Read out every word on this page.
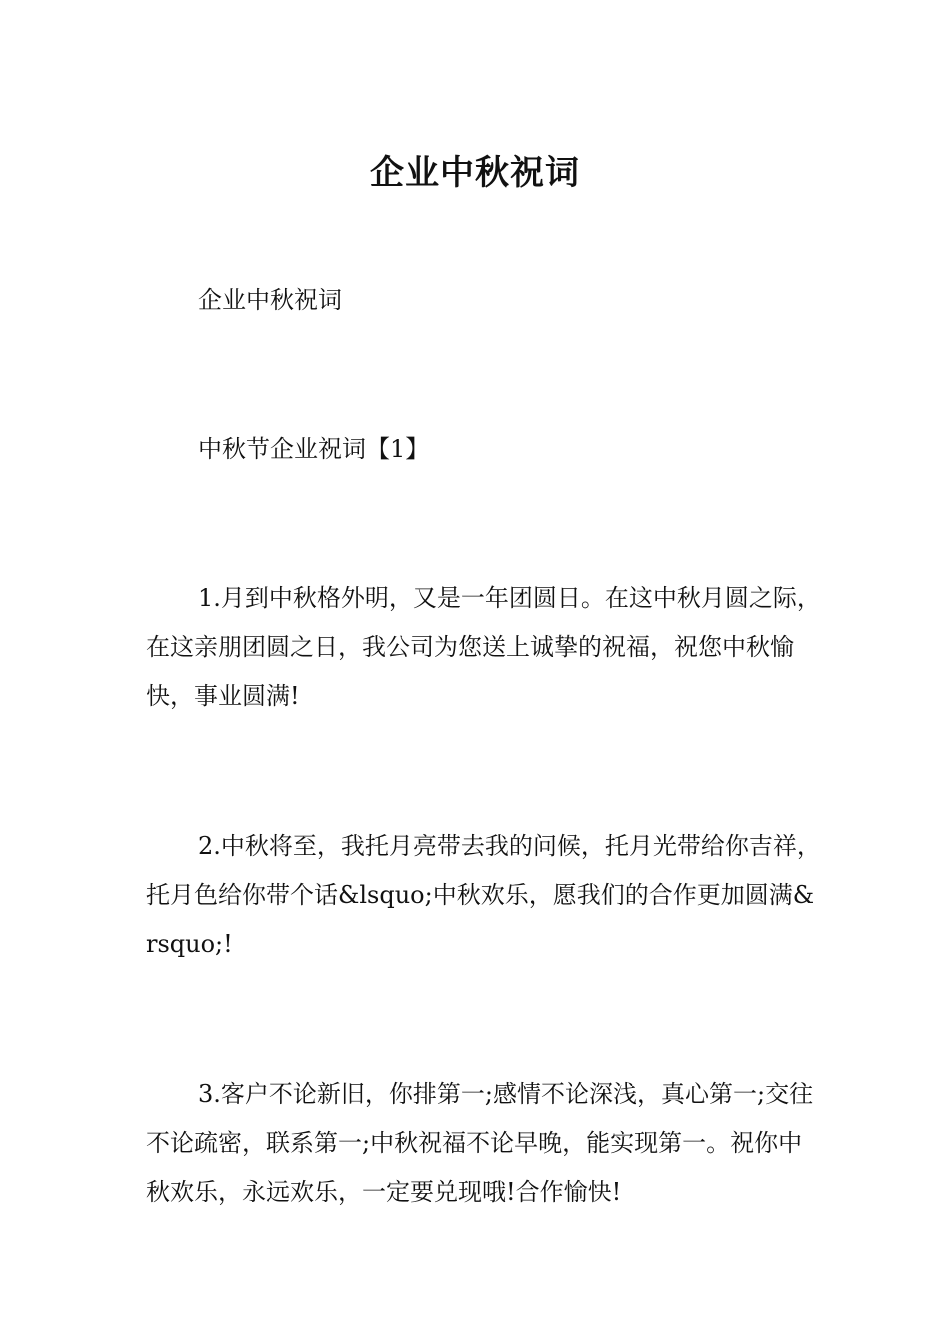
企业中秋祝词

企业中秋祝词

中秋节企业祝词【1】

1.月到中秋格外明，又是一年团圆日。在这中秋月圆之际，在这亲朋团圆之日，我公司为您送上诚挚的祝福，祝您中秋愉快，事业圆满!

2.中秋将至，我托月亮带去我的问候，托月光带给你吉祥，托月色给你带个话&lsquo;中秋欢乐，愿我们的合作更加圆满&rsquo;!

3.客户不论新旧，你排第一;感情不论深浅，真心第一;交往不论疏密，联系第一;中秋祝福不论早晚，能实现第一。祝你中秋欢乐，永远欢乐，一定要兑现哦!合作愉快!
